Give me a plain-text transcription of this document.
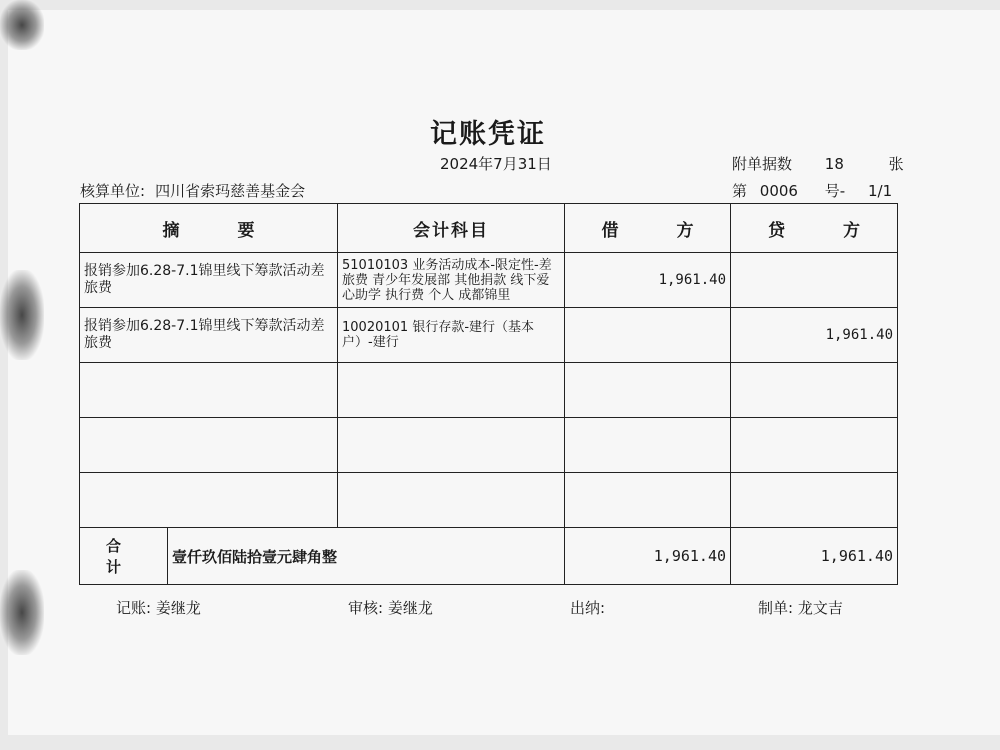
记账凭证
2024年7月31日	附单据数 18	张
核算单位: 四川省索玛慈善基金会	第 0006 号- 1/1
摘 要		会计科目	借 方	贷 方
报销参加6.28-7.1锦里线下筹款活动差旅费		51010103 业务活动成本-限定性-差旅费 青少年发展部 其他捐款 线下爱心助学 执行费 个人 成都锦里	1,961.40	
报销参加6.28-7.1锦里线下筹款活动差旅费		10020101 银行存款-建行（基本户）-建行		1,961.40

合 计	壹仟玖佰陆拾壹元肆角整		1,961.40	1,961.40
记账: 姜继龙	审核: 姜继龙	出纳:	制单: 龙文吉
